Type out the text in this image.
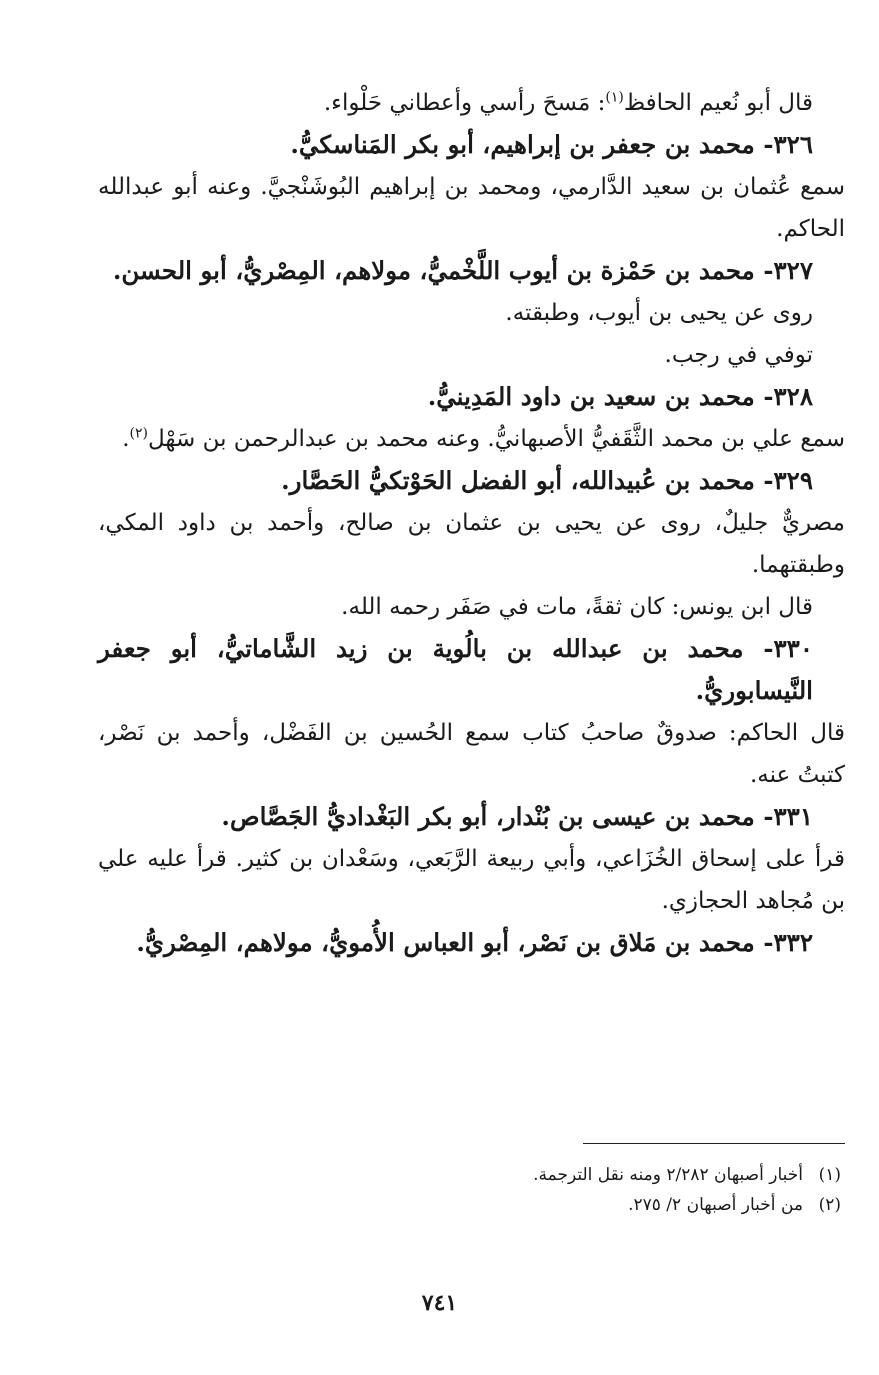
قال أبو نُعيم الحافظ$^{(١)}$: مَسحَ رأسي وأعطاني حَلْواء.

٣٢٦- محمد بن جعفر بن إبراهيم، أبو بكر المَناسكيُّ.

سمع عُثمان بن سعيد الدَّارمي، ومحمد بن إبراهيم البُوشَنْجيَّ. وعنه أبو عبدالله الحاكم.

٣٢٧- محمد بن حَمْزة بن أيوب اللَّخْميُّ، مولاهم، المِصْريُّ، أبو الحسن.

روى عن يحيى بن أيوب، وطبقته.

توفي في رجب.

٣٢٨- محمد بن سعيد بن داود المَدِينيُّ.

سمع علي بن محمد الثَّقَفيُّ الأصبهانيُّ. وعنه محمد بن عبدالرحمن بن سَهْل$^{(٢)}$.

٣٢٩- محمد بن عُبيدالله، أبو الفضل الحَوْتكيُّ الحَصَّار.

مصريٌّ جليلٌ، روى عن يحيى بن عثمان بن صالح، وأحمد بن داود المكي، وطبقتهما.

قال ابن يونس: كان ثقةً، مات في صَفَر رحمه الله.

٣٣٠- محمد بن عبدالله بن بالُوية بن زيد الشَّاماتيُّ، أبو جعفر النَّيسابوريُّ.

قال الحاكم: صدوقٌ صاحبُ كتاب سمع الحُسين بن الفَضْل، وأحمد بن نَصْر، كتبتُ عنه.

٣٣١- محمد بن عيسى بن بُنْدار، أبو بكر البَغْداديُّ الجَصَّاص.

قرأ على إسحاق الخُزَاعي، وأبي ربيعة الرَّبَعي، وسَعْدان بن كثير. قرأ عليه علي بن مُجاهد الحجازي.

٣٣٢- محمد بن مَلاق بن نَصْر، أبو العباس الأُمويُّ، مولاهم، المِصْريُّ.

(١)أخبار أصبهان ٢/٢٨٢ ومنه نقل الترجمة.

(٢)من أخبار أصبهان ٢/ ٢٧٥.

٧٤١
